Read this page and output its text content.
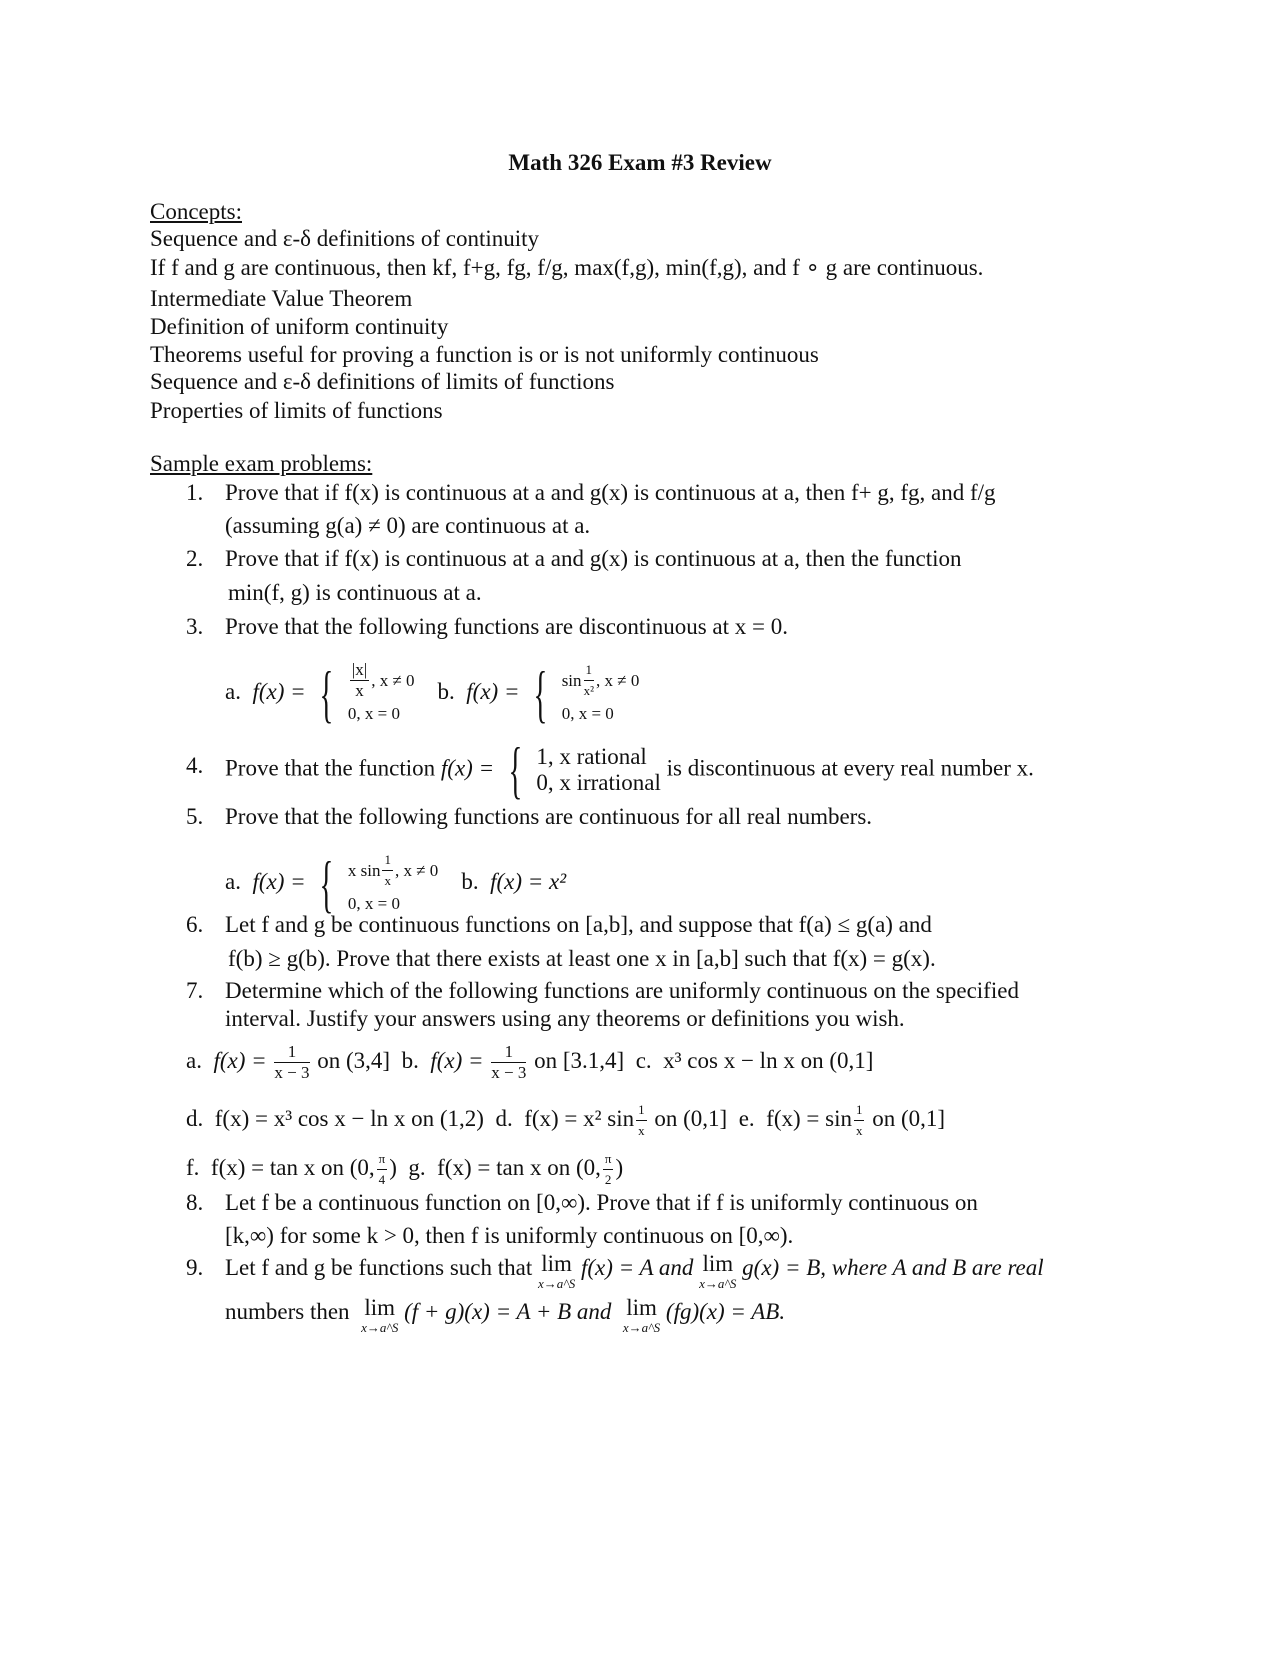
Math 326 Exam #3 Review
Concepts:
Sequence and ε-δ definitions of continuity
If f and g are continuous, then kf, f+g, fg, f/g, max(f,g), min(f,g), and f ∘ g are continuous.
Intermediate Value Theorem
Definition of uniform continuity
Theorems useful for proving a function is or is not uniformly continuous
Sequence and ε-δ definitions of limits of functions
Properties of limits of functions
Sample exam problems:
1. Prove that if f(x) is continuous at a and g(x) is continuous at a, then f+ g, fg, and f/g
(assuming g(a) ≠ 0) are continuous at a.
2. Prove that if f(x) is continuous at a and g(x) is continuous at a, then the function
min(f, g) is continuous at a.
3. Prove that the following functions are discontinuous at x = 0.
a. f(x) = { $\frac{|x|}{x}$ , x ≠ 0
0, x = 0
b. f(x) = { $\sin \frac{1}{\text{x²}}$ , x ≠ 0
0, x = 0
4. Prove that the function f(x) = { 1, x rational
0, x irrational
is discontinuous at every real number x.
5. Prove that the following functions are continuous for all real numbers.
a. f(x) = { x $\sin \frac{1}{x}$ , x ≠ 0
0, x = 0
b. f(x) = x²
6. Let f and g be continuous functions on [a,b], and suppose that f(a) ≤ g(a) and
f(b) ≥ g(b). Prove that there exists at least one x in [a,b] such that f(x) = g(x).
7. Determine which of the following functions are uniformly continuous on the specified
interval. Justify your answers using any theorems or definitions you wish.
a. $f(x) = \frac{1}{x - 3}$ on (3,4] b. $f(x) = \frac{1}{x - 3}$ on [3.1,4] c. x³ cos x − ln x on (0,1]
d. f(x) = x³ cos x − ln x on (1,2) d. f(x) = x² $\sin \frac{1}{x}$ on (0,1] e. $f(x) = \sin \frac{1}{x}$ on (0,1]
f. f(x) = tan x on (0, $\frac{\pi}{4}$ ) g. f(x) = tan x on (0, $\frac{\pi}{2}$ )
8. Let f be a continuous function on [0,∞). Prove that if f is uniformly continuous on
[k,∞) for some k > 0, then f is uniformly continuous on [0,∞).
9. Let f and g be functions such that lim
x→a^S
f(x) = A and lim
x→a^S
g(x) = B, where A and B are real
numbers then lim
x→a^S
(f + g)(x) = A + B and lim
x→a^S
(fg)(x) = AB.
